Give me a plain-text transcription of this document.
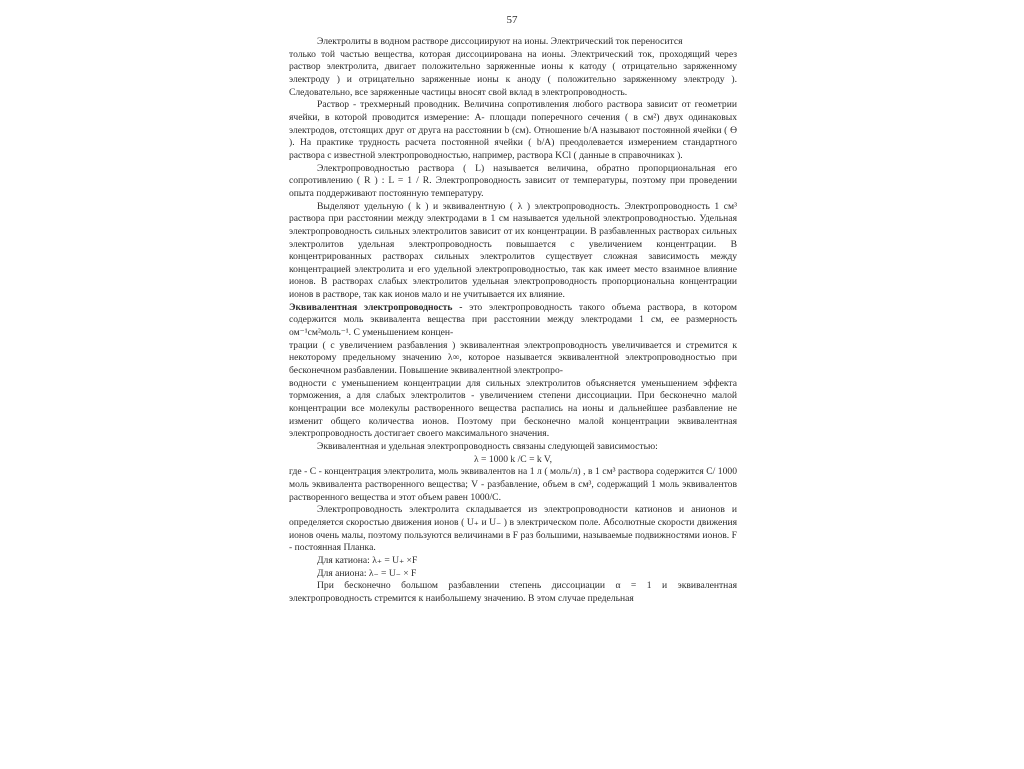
57

Электролиты в водном растворе диссоциируют на ионы. Электрический ток переносится

только той частью вещества, которая диссоциирована на ионы. Электрический ток, проходящий через раствор электролита, двигает положительно заряженные ионы к катоду ( отрицательно заряженному электроду ) и отрицательно заряженные ионы к аноду ( положительно заряженному электроду ). Следовательно, все заряженные частицы вносят свой вклад в электропроводность.

Раствор - трехмерный проводник. Величина сопротивления любого раствора зависит от геометрии ячейки, в которой проводится измерение: А- площади поперечного сечения ( в см²) двух одинаковых электродов, отстоящих друг от друга на расстоянии b (см). Отношение b/A называют постоянной ячейки ( ϴ ). На практике трудность расчета постоянной ячейки ( b/A) преодолевается измерением стандартного раствора с известной электропроводностью, например, раствора KCl ( данные в справочниках ).

Электропроводностью раствора ( L) называется величина, обратно пропорциональная его сопротивлению ( R ) : L = 1 / R. Электропроводность зависит от температуры, поэтому при проведении опыта поддерживают постоянную температуру.

Выделяют удельную ( k ) и эквивалентную ( λ ) электропроводность. Электропроводность 1 см³ раствора при расстоянии между электродами в 1 см называется удельной электропроводностью. Удельная электропроводность сильных электролитов зависит от их концентрации. В разбавленных растворах сильных электролитов удельная электропроводность повышается с увеличением концентрации. В концентрированных растворах сильных электролитов существует сложная зависимость между концентрацией электролита и его удельной электропроводностью, так как имеет место взаимное влияние ионов. В растворах слабых электролитов удельная электропроводность пропорциональна концентрации ионов в растворе, так как ионов мало и не учитывается их влияние.

Эквивалентная электропроводность - это электропроводность такого объема раствора, в котором содержится моль эквивалента вещества при расстоянии между электродами 1 см, ее размерность ом⁻¹см²моль⁻¹. С уменьшением концен-

трации ( с увеличением разбавления ) эквивалентная электропроводность увеличивается и стремится к некоторому предельному значению λ∞, которое называется эквивалентной электропроводностью при бесконечном разбавлении. Повышение эквивалентной электропро-

водности с уменьшением концентрации для сильных электролитов объясняется уменьшением эффекта торможения, а для слабых электролитов - увеличением степени диссоциации. При бесконечно малой концентрации все молекулы растворенного вещества распались на ионы и дальнейшее разбавление не изменит общего количества ионов. Поэтому при бесконечно малой концентрации эквивалентная электропроводность достигает своего максимального значения.

Эквивалентная и удельная электропроводность связаны следующей зависимостью:

λ = 1000 k /С = k V,

где - С - концентрация электролита, моль эквивалентов на 1 л ( моль/л) , в 1 см³ раствора содержится С/ 1000 моль эквивалента растворенного вещества; V - разбавление, объем в см³, содержащий 1 моль эквивалентов растворенного вещества и этот объем равен 1000/С.

Электропроводность электролита складывается из электропроводности катионов и анионов и определяется скоростью движения ионов ( U₊ и U₋ ) в электрическом поле. Абсолютные скорости движения ионов очень малы, поэтому пользуются величинами в F раз большими, называемые подвижностями ионов. F - постоянная Планка.

Для катиона: λ₊ = U₊ ×F

Для аниона: λ₋ = U₋ × F

При бесконечно большом разбавлении степень диссоциации α = 1 и эквивалентная электропроводность стремится к наибольшему значению. В этом случае предельная
